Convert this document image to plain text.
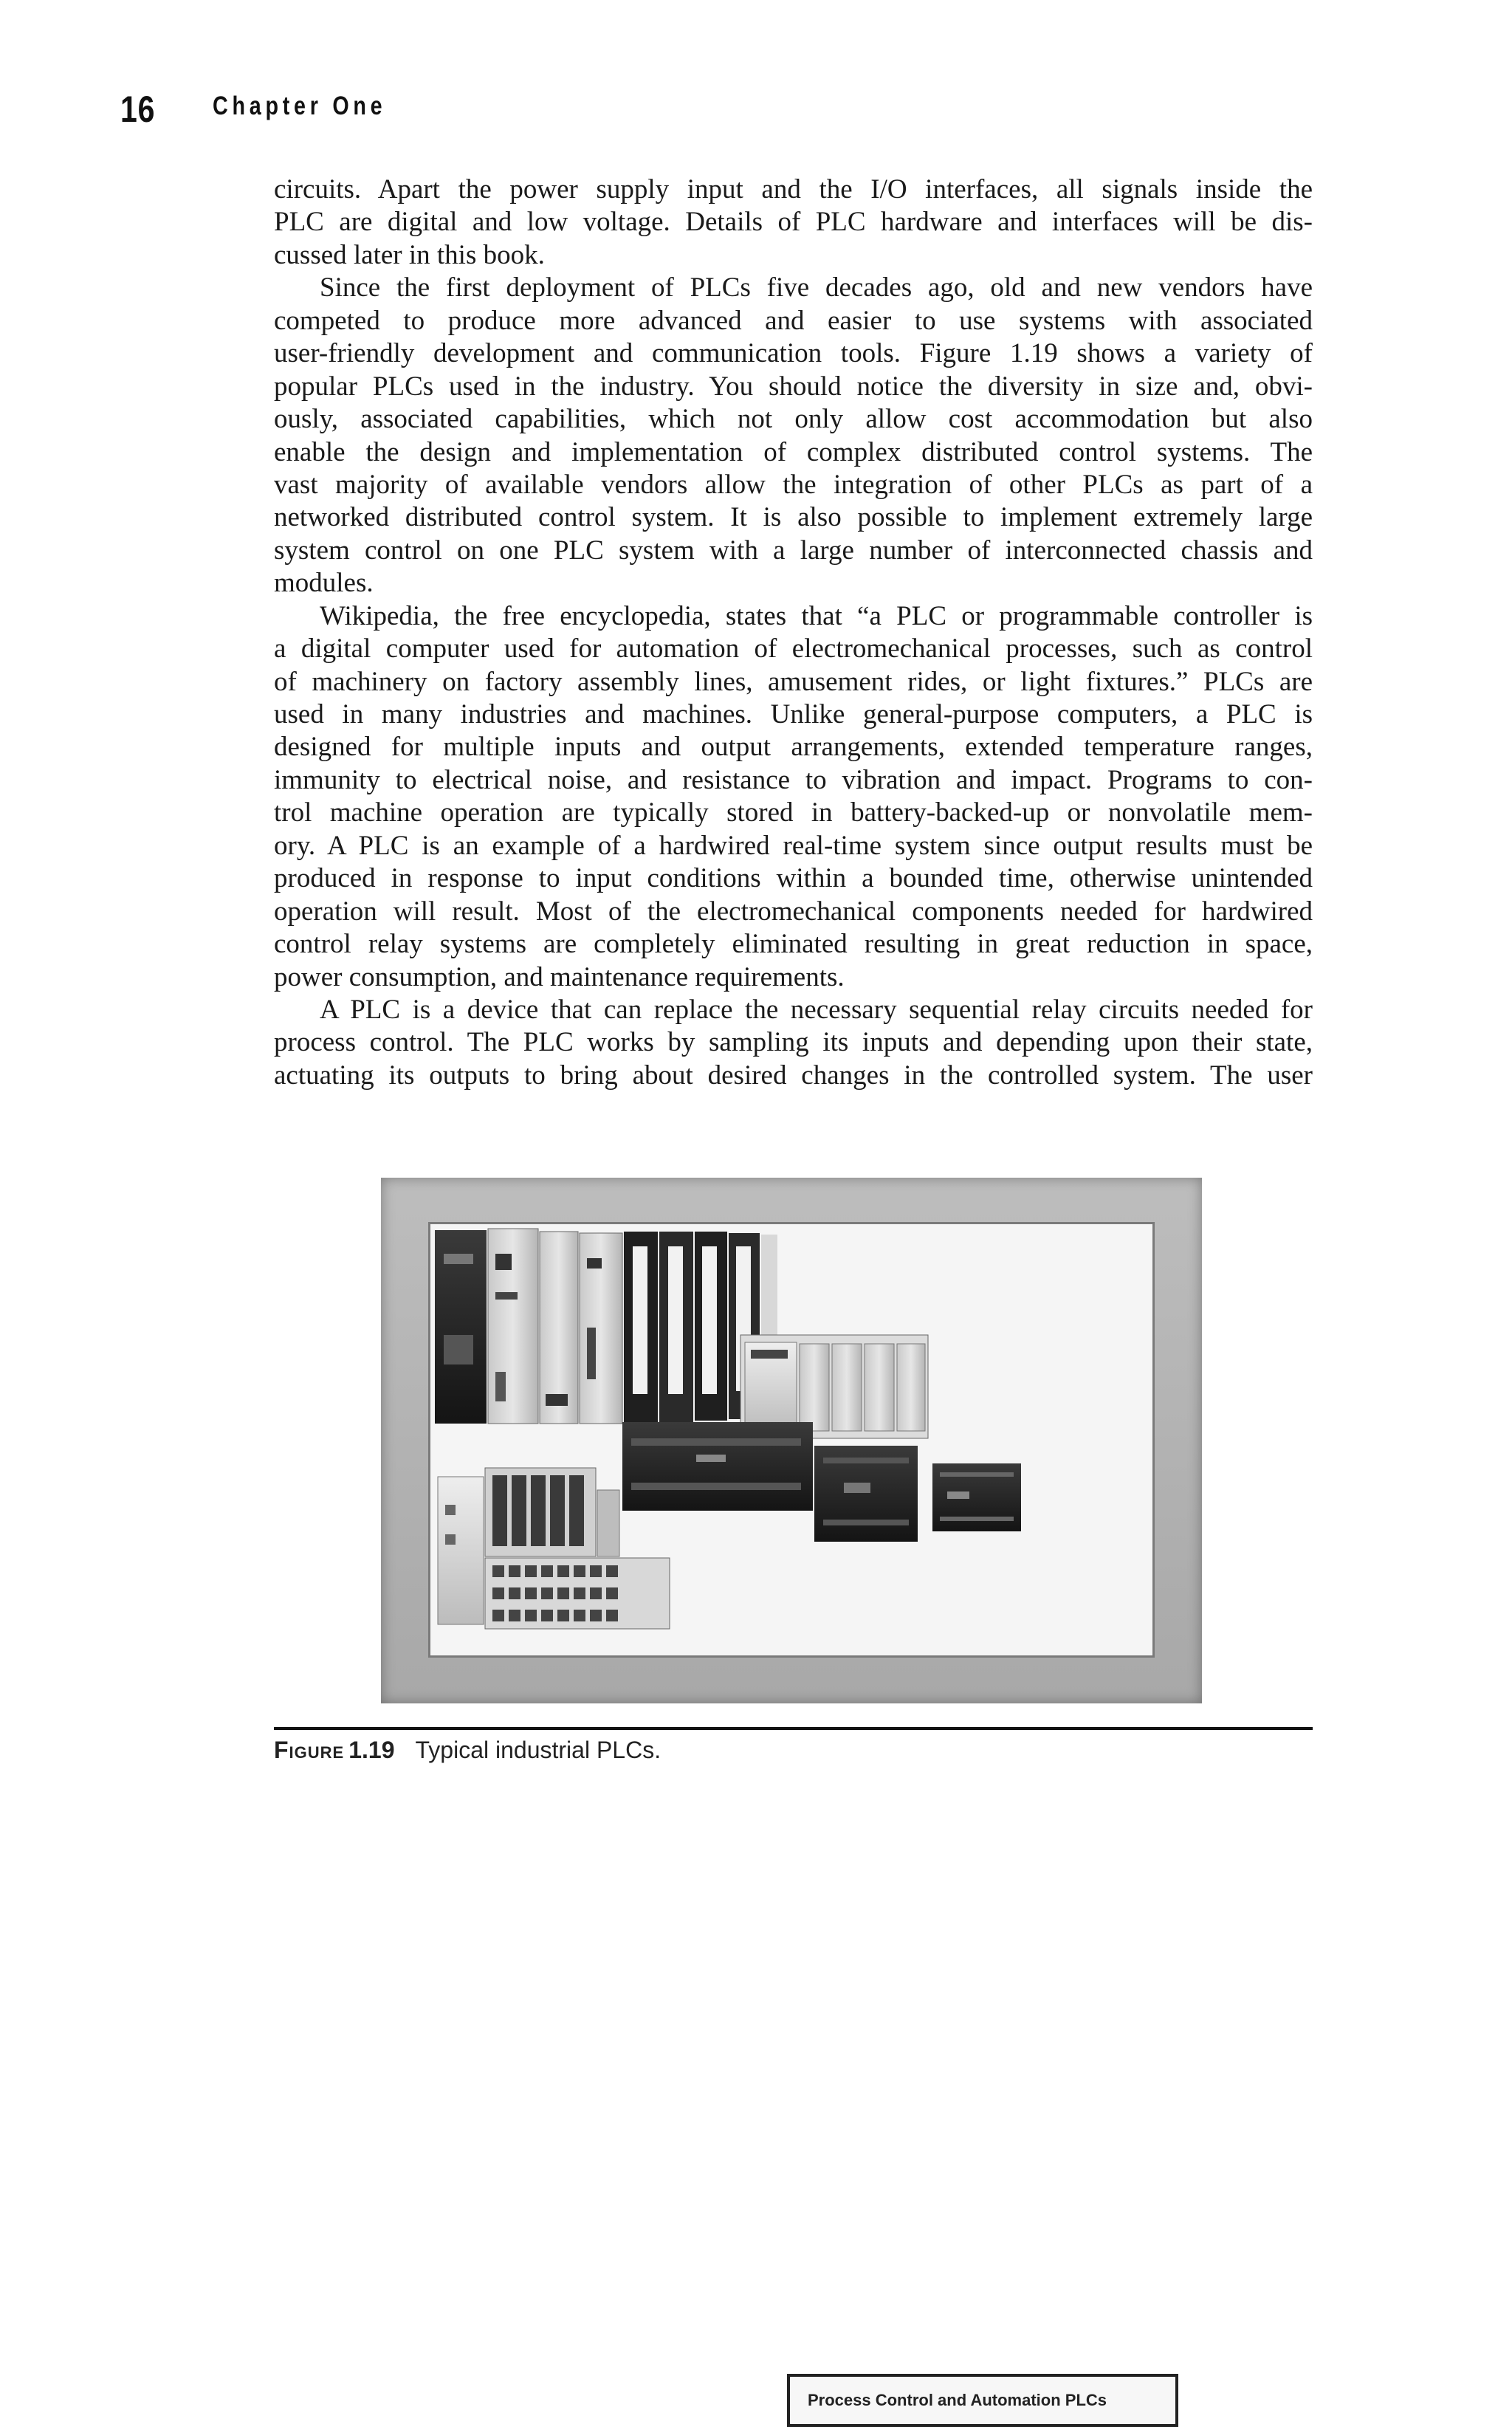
16 Chapter One
circuits. Apart the power supply input and the I/O interfaces, all signals inside the
PLC are digital and low voltage. Details of PLC hardware and interfaces will be dis-
cussed later in this book.
Since the first deployment of PLCs five decades ago, old and new vendors have
competed to produce more advanced and easier to use systems with associated
user-friendly development and communication tools. Figure 1.19 shows a variety of
popular PLCs used in the industry. You should notice the diversity in size and, obvi-
ously, associated capabilities, which not only allow cost accommodation but also
enable the design and implementation of complex distributed control systems. The
vast majority of available vendors allow the integration of other PLCs as part of a
networked distributed control system. It is also possible to implement extremely large
system control on one PLC system with a large number of interconnected chassis and
modules.
Wikipedia, the free encyclopedia, states that “a PLC or programmable controller is
a digital computer used for automation of electromechanical processes, such as control
of machinery on factory assembly lines, amusement rides, or light fixtures.” PLCs are
used in many industries and machines. Unlike general-purpose computers, a PLC is
designed for multiple inputs and output arrangements, extended temperature ranges,
immunity to electrical noise, and resistance to vibration and impact. Programs to con-
trol machine operation are typically stored in battery-backed-up or nonvolatile mem-
ory. A PLC is an example of a hardwired real-time system since output results must be
produced in response to input conditions within a bounded time, otherwise unintended
operation will result. Most of the electromechanical components needed for hardwired
control relay systems are completely eliminated resulting in great reduction in space,
power consumption, and maintenance requirements.
A PLC is a device that can replace the necessary sequential relay circuits needed for
process control. The PLC works by sampling its inputs and depending upon their state,
actuating its outputs to bring about desired changes in the controlled system. The user
Process Control and Automation PLCs
Figure 1.19 Typical industrial PLCs.
